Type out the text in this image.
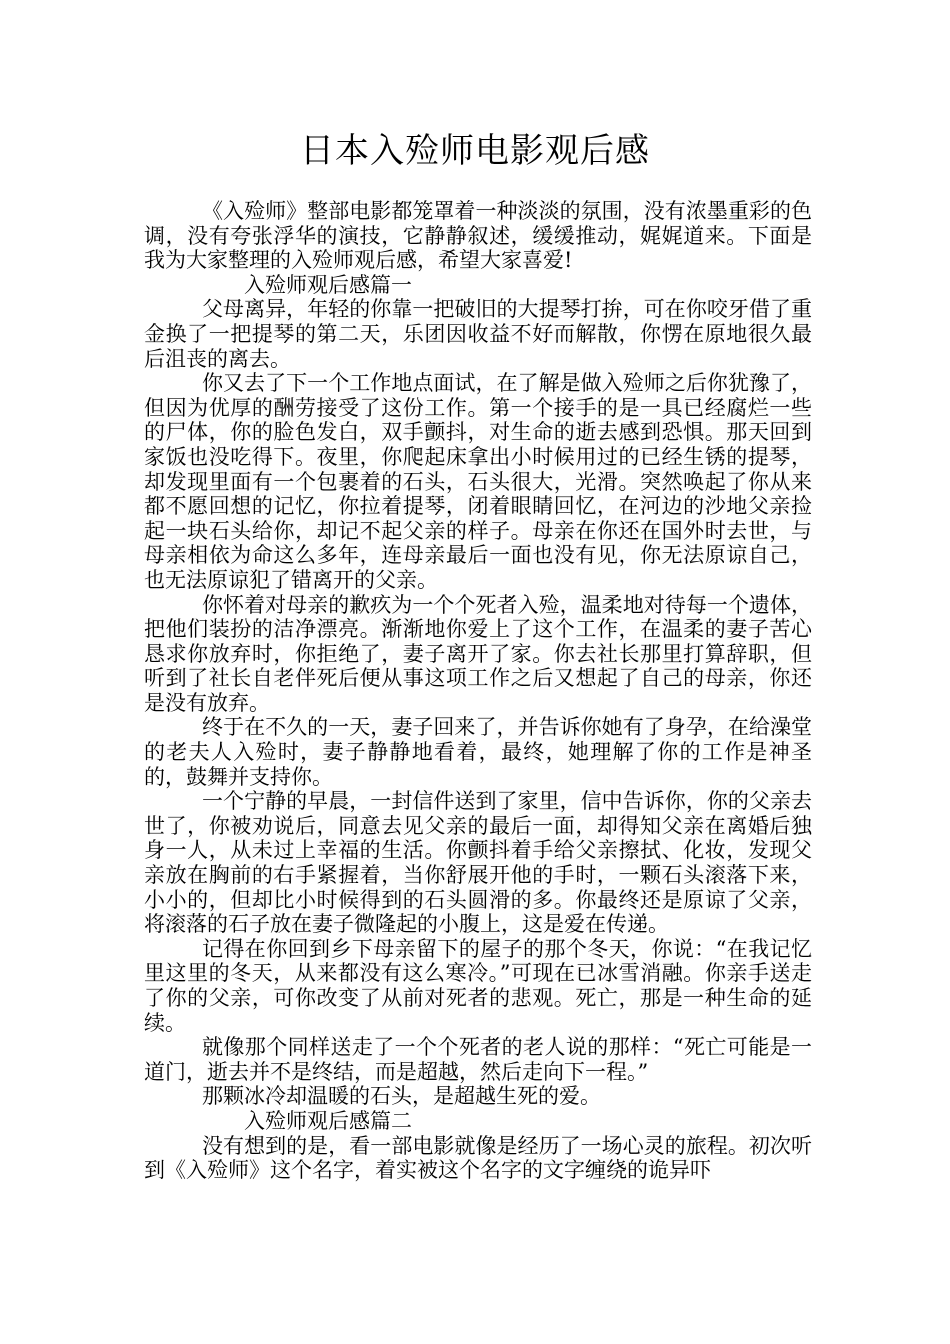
日本入殓师电影观后感

《入殓师》整部电影都笼罩着一种淡淡的氛围，没有浓墨重彩的色调，没有夸张浮华的演技，它静静叙述，缓缓推动，娓娓道来。下面是我为大家整理的入殓师观后感，希望大家喜爱!

入殓师观后感篇一

父母离异，年轻的你靠一把破旧的大提琴打拚，可在你咬牙借了重金换了一把提琴的第二天，乐团因收益不好而解散，你愣在原地很久最后沮丧的离去。

你又去了下一个工作地点面试，在了解是做入殓师之后你犹豫了，但因为优厚的酬劳接受了这份工作。第一个接手的是一具已经腐烂一些的尸体，你的脸色发白，双手颤抖，对生命的逝去感到恐惧。那天回到家饭也没吃得下。夜里，你爬起床拿出小时候用过的已经生锈的提琴，却发现里面有一个包裹着的石头，石头很大，光滑。突然唤起了你从来都不愿回想的记忆，你拉着提琴，闭着眼睛回忆，在河边的沙地父亲捡起一块石头给你，却记不起父亲的样子。母亲在你还在国外时去世，与母亲相依为命这么多年，连母亲最后一面也没有见，你无法原谅自己，也无法原谅犯了错离开的父亲。

你怀着对母亲的歉疚为一个个死者入殓，温柔地对待每一个遗体，把他们装扮的洁净漂亮。渐渐地你爱上了这个工作，在温柔的妻子苦心恳求你放弃时，你拒绝了，妻子离开了家。你去社长那里打算辞职，但听到了社长自老伴死后便从事这项工作之后又想起了自己的母亲，你还是没有放弃。

终于在不久的一天，妻子回来了，并告诉你她有了身孕，在给澡堂的老夫人入殓时，妻子静静地看着，最终，她理解了你的工作是神圣的，鼓舞并支持你。

一个宁静的早晨，一封信件送到了家里，信中告诉你，你的父亲去世了，你被劝说后，同意去见父亲的最后一面，却得知父亲在离婚后独身一人，从未过上幸福的生活。你颤抖着手给父亲擦拭、化妆，发现父亲放在胸前的右手紧握着，当你舒展开他的手时，一颗石头滚落下来，小小的，但却比小时候得到的石头圆滑的多。你最终还是原谅了父亲，将滚落的石子放在妻子微隆起的小腹上，这是爱在传递。

记得在你回到乡下母亲留下的屋子的那个冬天，你说：“在我记忆里这里的冬天，从来都没有这么寒冷。”可现在已冰雪消融。你亲手送走了你的父亲，可你改变了从前对死者的悲观。死亡，那是一种生命的延续。

就像那个同样送走了一个个死者的老人说的那样：“死亡可能是一道门，逝去并不是终结，而是超越，然后走向下一程。”

那颗冰冷却温暖的石头，是超越生死的爱。

入殓师观后感篇二

没有想到的是，看一部电影就像是经历了一场心灵的旅程。初次听到《入殓师》这个名字，着实被这个名字的文字缠绕的诡异吓
